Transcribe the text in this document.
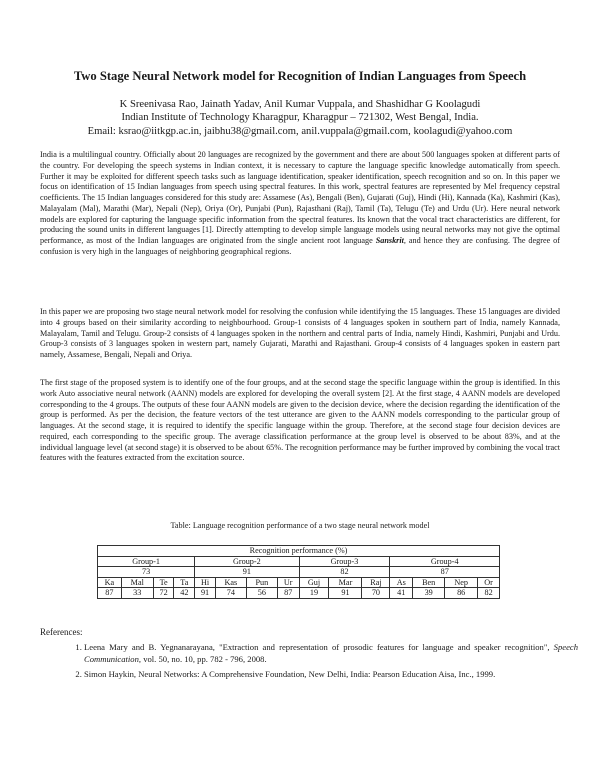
Two Stage Neural Network model for Recognition of Indian Languages from Speech
K Sreenivasa Rao, Jainath Yadav, Anil Kumar Vuppala, and Shashidhar G Koolagudi
Indian Institute of Technology Kharagpur, Kharagpur – 721302, West Bengal, India.
Email: ksrao@iitkgp.ac.in, jaibhu38@gmail.com, anil.vuppala@gmail.com, koolagudi@yahoo.com

India is a multilingual country. Officially about 20 languages are recognized by the government and there are about 500 languages spoken at different parts of the country. For developing the speech systems in Indian context, it is necessary to capture the language specific knowledge automatically from speech. Further it may be exploited for different speech tasks such as language identification, speaker identification, speech recognition and so on. In this paper we focus on identification of 15 Indian languages from speech using spectral features. In this work, spectral features are represented by Mel frequency cepstral coefficients. The 15 Indian languages considered for this study are: Assamese (As), Bengali (Ben), Gujarati (Guj), Hindi (Hi), Kannada (Ka), Kashmiri (Kas), Malayalam (Mal), Marathi (Mar), Nepali (Nep), Oriya (Or), Punjabi (Pun), Rajasthani (Raj), Tamil (Ta), Telugu (Te) and Urdu (Ur). Here neural network models are explored for capturing the language specific information from the spectral features. Its known that the vocal tract characteristics are different, for producing the sound units in different languages [1]. Directly attempting to develop simple language models using neural networks may not give the optimal performance, as most of the Indian languages are originated from the single ancient root language Sanskrit, and hence they are confusing. The degree of confusion is very high in the languages of neighboring geographical regions.

In this paper we are proposing two stage neural network model for resolving the confusion while identifying the 15 languages. These 15 languages are divided into 4 groups based on their similarity according to neighbourhood. Group-1 consists of 4 languages spoken in southern part of India, namely Kannada, Malayalam, Tamil and Telugu. Group-2 consists of 4 languages spoken in the northern and central parts of India, namely Hindi, Kashmiri, Punjabi and Urdu. Group-3 consists of 3 languages spoken in western part, namely Gujarati, Marathi and Rajasthani. Group-4 consists of 4 languages spoken in eastern part namely, Assamese, Bengali, Nepali and Oriya.

The first stage of the proposed system is to identify one of the four groups, and at the second stage the specific language within the group is identified. In this work Auto associative neural network (AANN) models are explored for developing the overall system [2]. At the first stage, 4 AANN models are developed corresponding to the 4 groups. The outputs of these four AANN models are given to the decision device, where the decision regarding the identification of the group is performed. As per the decision, the feature vectors of the test utterance are given to the AANN models corresponding to the particular group of languages. At the second stage, it is required to identify the specific language within the group. Therefore, at the second stage four decision devices are required, each corresponding to the specific group. The average classification performance at the group level is observed to be about 83%, and at the individual language level (at second stage) it is observed to be about 65%. The recognition performance may be further improved by combining the vocal tract features with the features extracted from the excitation source.

Table: Language recognition performance of a two stage neural network model
Recognition performance (%)														
Group-1				Group-2				Group-3			Group-4			
73				91				82			87			
Ka	Mal	Te	Ta	Hi	Kas	Pun	Ur	Guj	Mar	Raj	As	Ben	Nep	Or
87	33	72	42	91	74	56	87	19	91	70	41	39	86	82
References:
1. Leena Mary and B. Yegnanarayana, "Extraction and representation of prosodic features for language and speaker recognition", Speech Communication, vol. 50, no. 10, pp. 782 - 796, 2008.
2. Simon Haykin, Neural Networks: A Comprehensive Foundation, New Delhi, India: Pearson Education Aisa, Inc., 1999.
